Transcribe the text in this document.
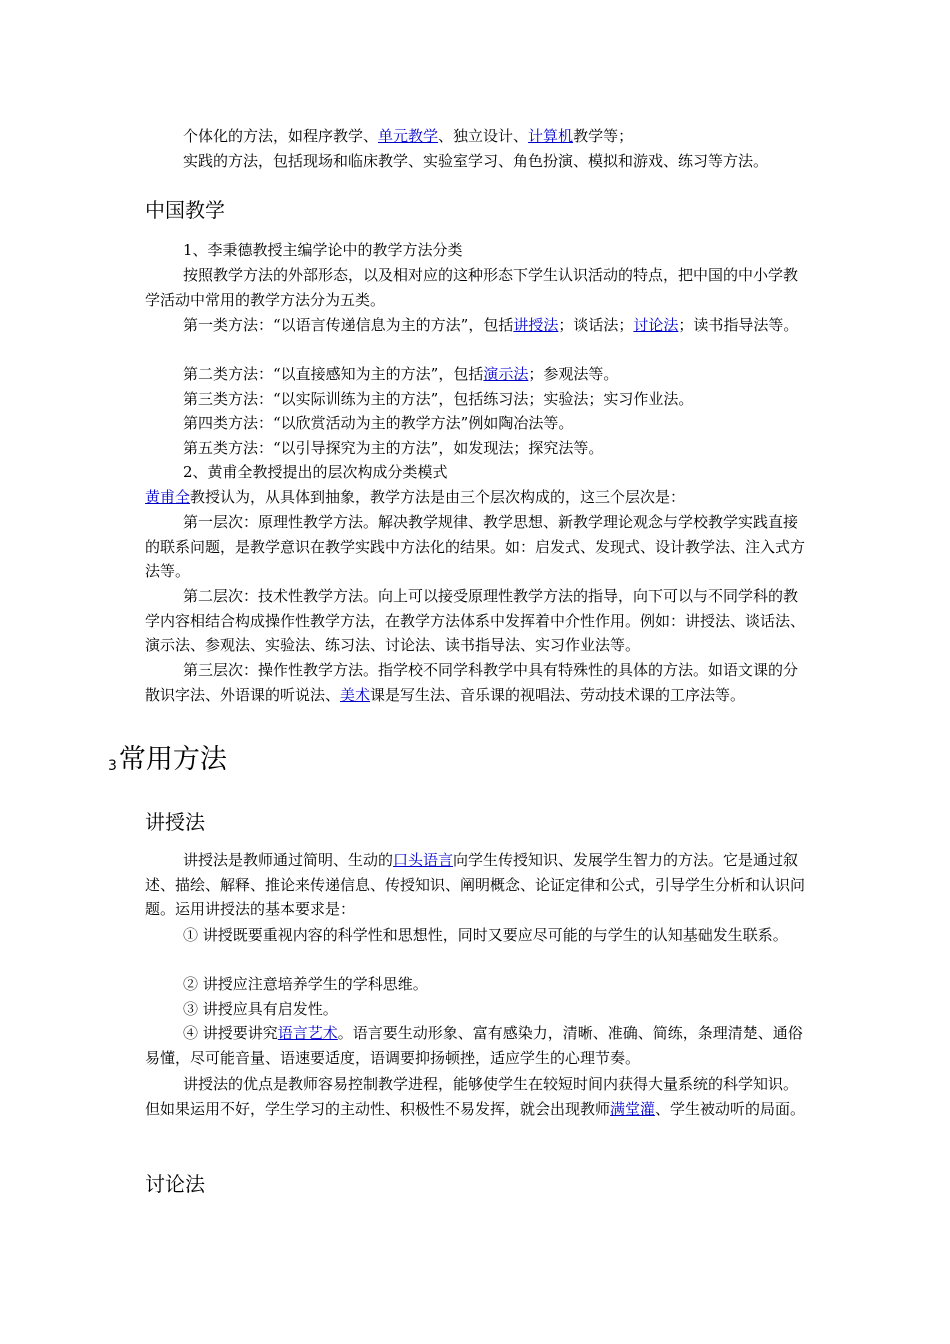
个体化的方法，如程序教学、单元教学、独立设计、计算机教学等；

实践的方法，包括现场和临床教学、实验室学习、角色扮演、模拟和游戏、练习等方法。

中国教学

1、李秉德教授主编学论中的教学方法分类

按照教学方法的外部形态，以及相对应的这种形态下学生认识活动的特点，把中国的中小学教学活动中常用的教学方法分为五类。

第一类方法：“以语言传递信息为主的方法”，包括讲授法；谈话法；讨论法；读书指导法等。

第二类方法：“以直接感知为主的方法”，包括演示法；参观法等。

第三类方法：“以实际训练为主的方法”，包括练习法；实验法；实习作业法。

第四类方法：“以欣赏活动为主的教学方法”例如陶冶法等。

第五类方法：“以引导探究为主的方法”，如发现法；探究法等。

2、黄甫全教授提出的层次构成分类模式

黄甫全教授认为，从具体到抽象，教学方法是由三个层次构成的，这三个层次是：

第一层次：原理性教学方法。解决教学规律、教学思想、新教学理论观念与学校教学实践直接的联系问题，是教学意识在教学实践中方法化的结果。如：启发式、发现式、设计教学法、注入式方法等。

第二层次：技术性教学方法。向上可以接受原理性教学方法的指导，向下可以与不同学科的教学内容相结合构成操作性教学方法，在教学方法体系中发挥着中介性作用。例如：讲授法、谈话法、演示法、参观法、实验法、练习法、讨论法、读书指导法、实习作业法等。

第三层次：操作性教学方法。指学校不同学科教学中具有特殊性的具体的方法。如语文课的分散识字法、外语课的听说法、美术课是写生法、音乐课的视唱法、劳动技术课的工序法等。

3常用方法
讲授法

讲授法是教师通过简明、生动的口头语言向学生传授知识、发展学生智力的方法。它是通过叙述、描绘、解释、推论来传递信息、传授知识、阐明概念、论证定律和公式，引导学生分析和认识问题。运用讲授法的基本要求是：

① 讲授既要重视内容的科学性和思想性，同时又要应尽可能的与学生的认知基础发生联系。

② 讲授应注意培养学生的学科思维。

③ 讲授应具有启发性。

④ 讲授要讲究语言艺术。语言要生动形象、富有感染力，清晰、准确、简练，条理清楚、通俗易懂，尽可能音量、语速要适度，语调要抑扬顿挫，适应学生的心理节奏。

讲授法的优点是教师容易控制教学进程，能够使学生在较短时间内获得大量系统的科学知识。但如果运用不好，学生学习的主动性、积极性不易发挥，就会出现教师满堂灌、学生被动听的局面。

讨论法
